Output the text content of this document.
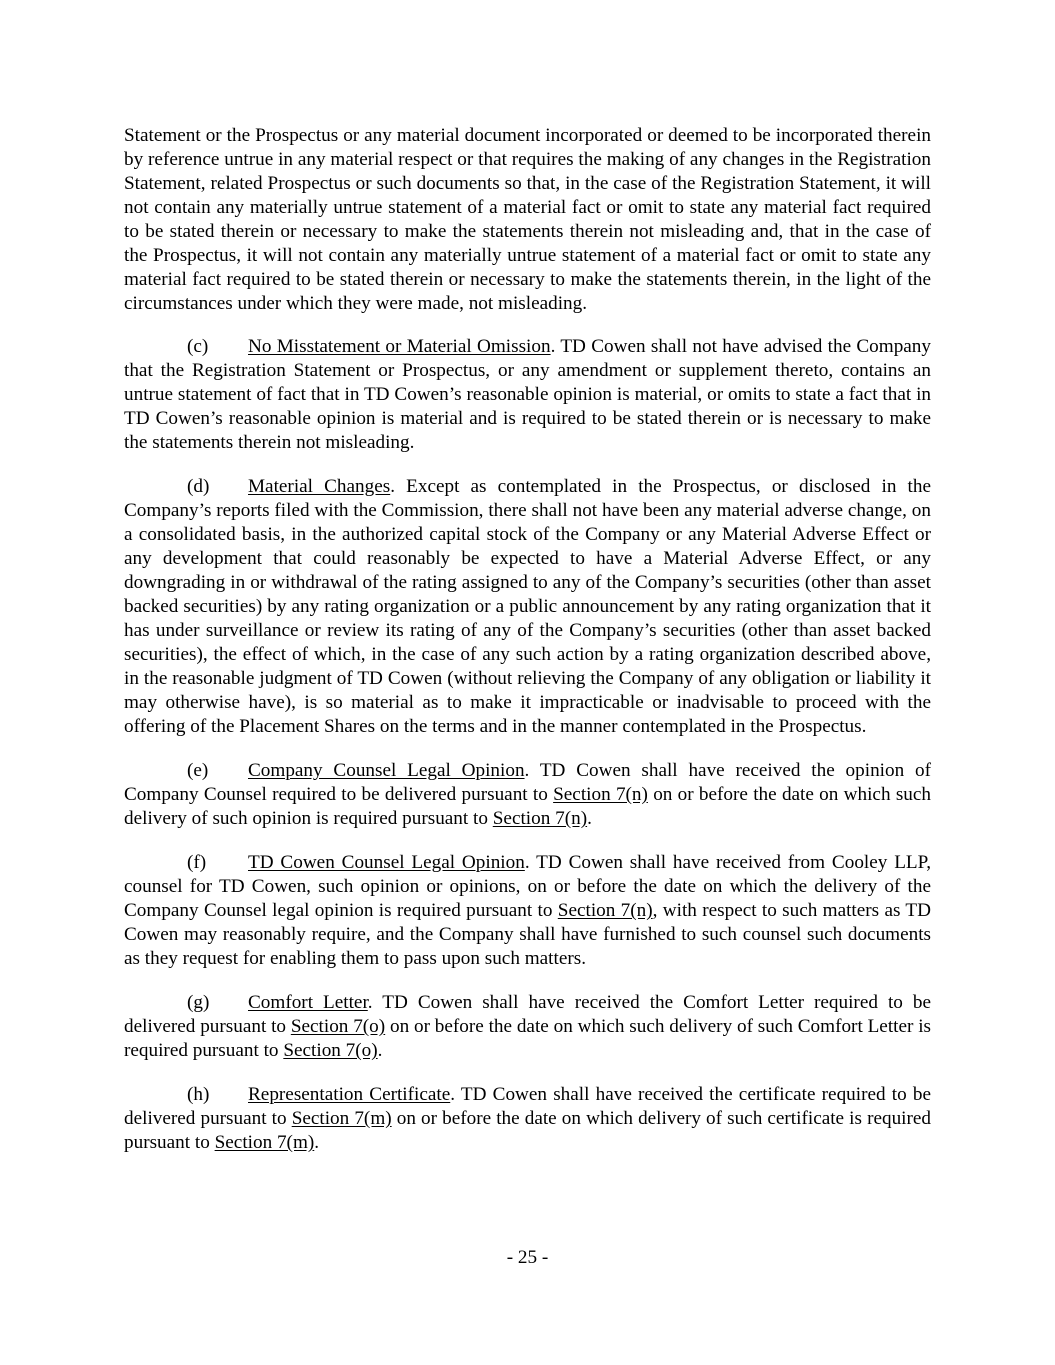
Statement or the Prospectus or any material document incorporated or deemed to be incorporated therein by reference untrue in any material respect or that requires the making of any changes in the Registration Statement, related Prospectus or such documents so that, in the case of the Registration Statement, it will not contain any materially untrue statement of a material fact or omit to state any material fact required to be stated therein or necessary to make the statements therein not misleading and, that in the case of the Prospectus, it will not contain any materially untrue statement of a material fact or omit to state any material fact required to be stated therein or necessary to make the statements therein, in the light of the circumstances under which they were made, not misleading.

(c) No Misstatement or Material Omission. TD Cowen shall not have advised the Company that the Registration Statement or Prospectus, or any amendment or supplement thereto, contains an untrue statement of fact that in TD Cowen’s reasonable opinion is material, or omits to state a fact that in TD Cowen’s reasonable opinion is material and is required to be stated therein or is necessary to make the statements therein not misleading.

(d) Material Changes. Except as contemplated in the Prospectus, or disclosed in the Company’s reports filed with the Commission, there shall not have been any material adverse change, on a consolidated basis, in the authorized capital stock of the Company or any Material Adverse Effect or any development that could reasonably be expected to have a Material Adverse Effect, or any downgrading in or withdrawal of the rating assigned to any of the Company’s securities (other than asset backed securities) by any rating organization or a public announcement by any rating organization that it has under surveillance or review its rating of any of the Company’s securities (other than asset backed securities), the effect of which, in the case of any such action by a rating organization described above, in the reasonable judgment of TD Cowen (without relieving the Company of any obligation or liability it may otherwise have), is so material as to make it impracticable or inadvisable to proceed with the offering of the Placement Shares on the terms and in the manner contemplated in the Prospectus.

(e) Company Counsel Legal Opinion. TD Cowen shall have received the opinion of Company Counsel required to be delivered pursuant to Section 7(n) on or before the date on which such delivery of such opinion is required pursuant to Section 7(n).

(f) TD Cowen Counsel Legal Opinion. TD Cowen shall have received from Cooley LLP, counsel for TD Cowen, such opinion or opinions, on or before the date on which the delivery of the Company Counsel legal opinion is required pursuant to Section 7(n), with respect to such matters as TD Cowen may reasonably require, and the Company shall have furnished to such counsel such documents as they request for enabling them to pass upon such matters.

(g) Comfort Letter. TD Cowen shall have received the Comfort Letter required to be delivered pursuant to Section 7(o) on or before the date on which such delivery of such Comfort Letter is required pursuant to Section 7(o).

(h) Representation Certificate. TD Cowen shall have received the certificate required to be delivered pursuant to Section 7(m) on or before the date on which delivery of such certificate is required pursuant to Section 7(m).

- 25 -
